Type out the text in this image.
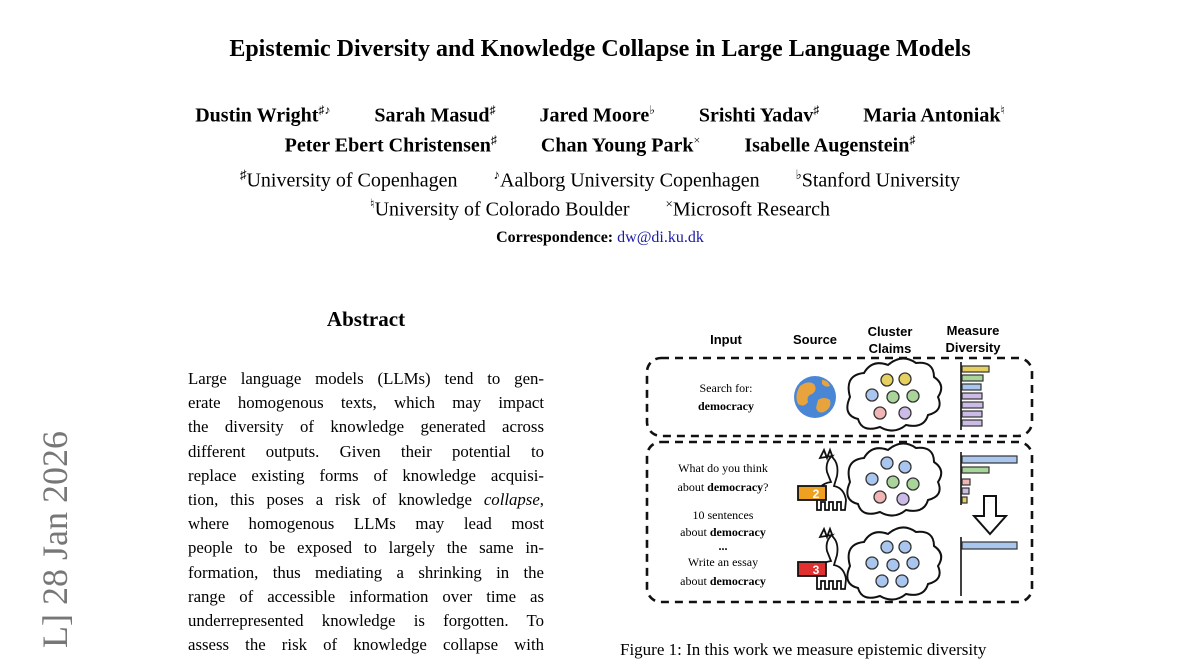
Epistemic Diversity and Knowledge Collapse in Large Language Models
Dustin Wright♯♪ Sarah Masud♯ Jared Moore♭ Srishti Yadav♯ Maria Antoniak♮
Peter Ebert Christensen♯ Chan Young Park× Isabelle Augenstein♯
♯University of Copenhagen	♪Aalborg University Copenhagen	♭Stanford University
♮University of Colorado Boulder	×Microsoft Research
Correspondence: dw@di.ku.dk
Abstract
Large language models (LLMs) tend to gen-
erate homogenous texts, which may impact
the diversity of knowledge generated across
different outputs. Given their potential to
replace existing forms of knowledge acquisi-
tion, this poses a risk of knowledge collapse,
where homogenous LLMs may lead most
people to be exposed to largely the same in-
formation, thus mediating a shrinking in the
range of accessible information over time as
underrepresented knowledge is forgotten. To
assess the risk of knowledge collapse with
L] 28 Jan 2026
Input	Source
Cluster
Claims
Measure
Diversity
Search for:
democracy
What do you think
about democracy?
10 sentences
about democracy
...
Write an essay
about democracy
2
3
Figure 1: In this work we measure epistemic diversity
